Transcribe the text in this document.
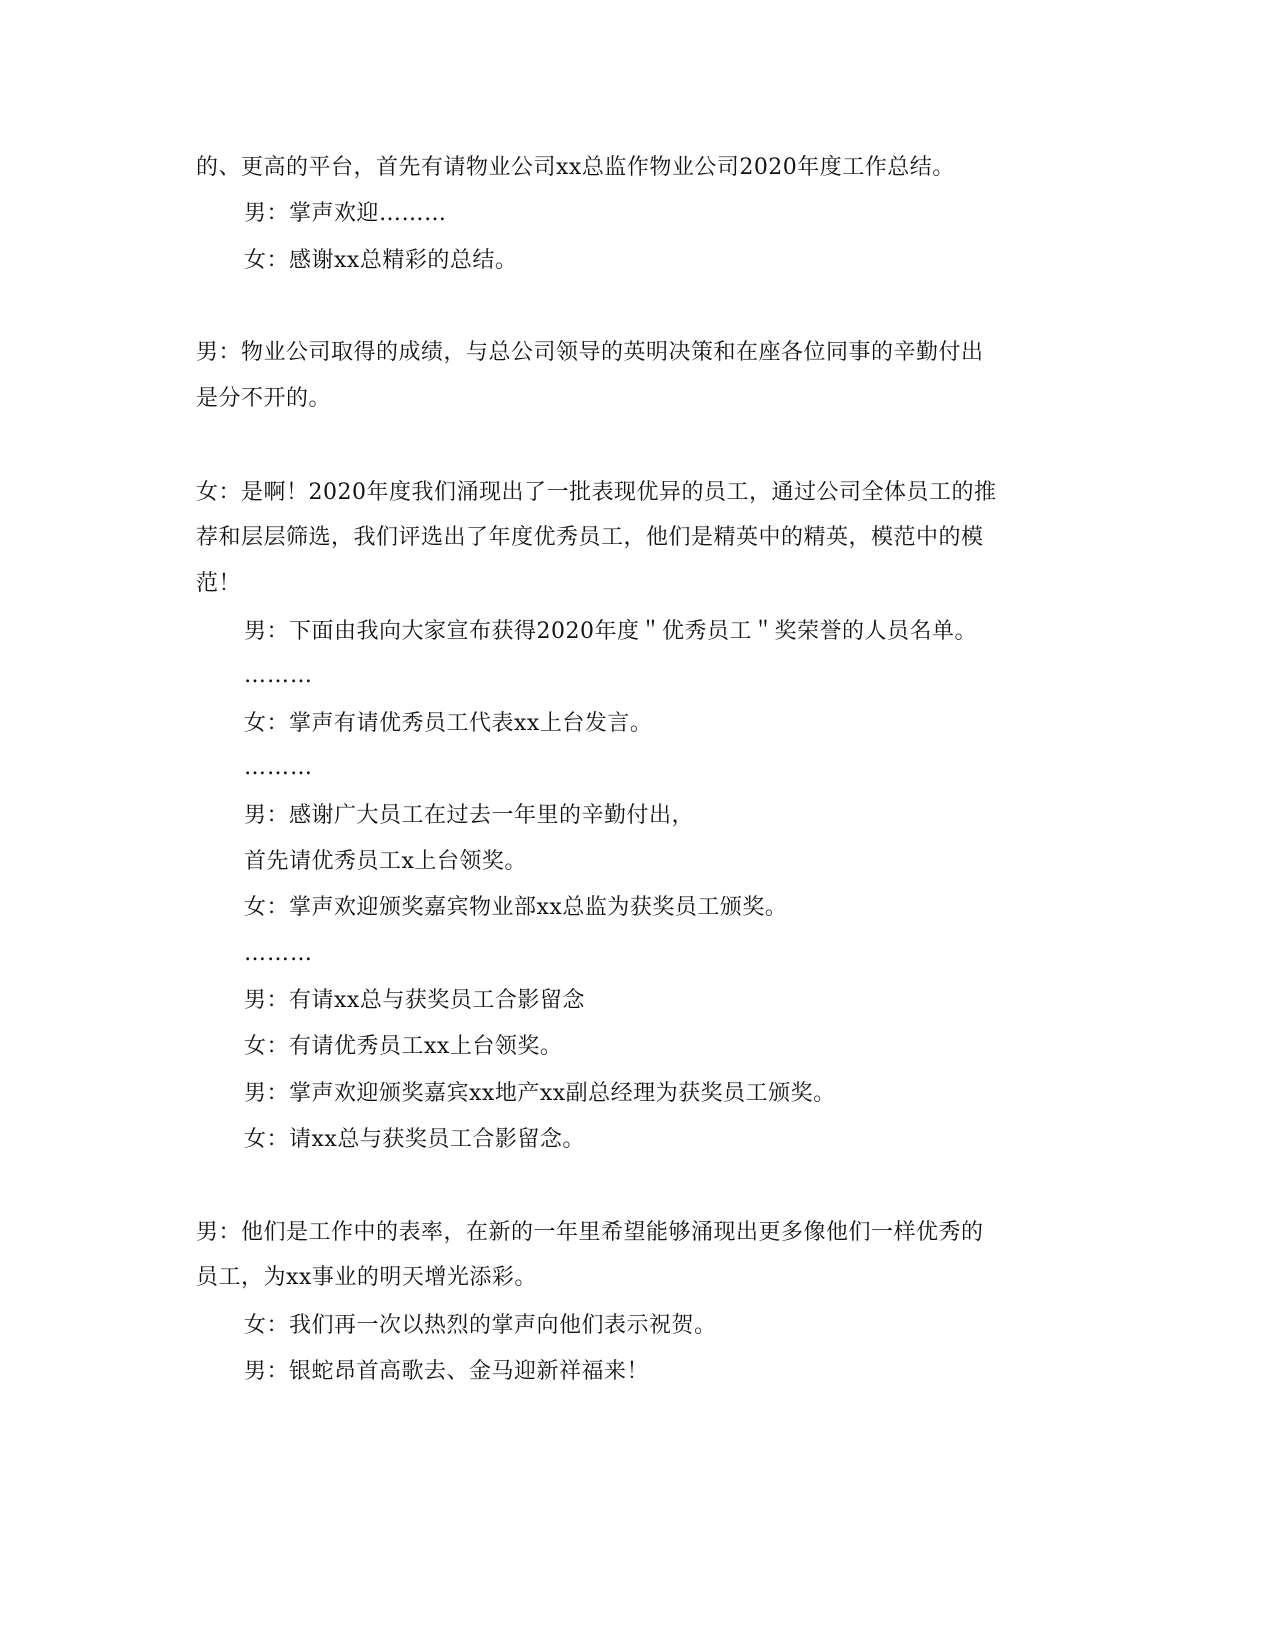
的、更高的平台，首先有请物业公司xx总监作物业公司2020年度工作总结。
男：掌声欢迎………
女：感谢xx总精彩的总结。
男：物业公司取得的成绩，与总公司领导的英明决策和在座各位同事的辛勤付出
是分不开的。
女：是啊！2020年度我们涌现出了一批表现优异的员工，通过公司全体员工的推
荐和层层筛选，我们评选出了年度优秀员工，他们是精英中的精英，模范中的模
范！
男：下面由我向大家宣布获得2020年度＂优秀员工＂奖荣誉的人员名单。
………
女：掌声有请优秀员工代表xx上台发言。
………
男：感谢广大员工在过去一年里的辛勤付出，
首先请优秀员工x上台领奖。
女：掌声欢迎颁奖嘉宾物业部xx总监为获奖员工颁奖。
………
男：有请xx总与获奖员工合影留念
女：有请优秀员工xx上台领奖。
男：掌声欢迎颁奖嘉宾xx地产xx副总经理为获奖员工颁奖。
女：请xx总与获奖员工合影留念。
男：他们是工作中的表率，在新的一年里希望能够涌现出更多像他们一样优秀的
员工，为xx事业的明天增光添彩。
女：我们再一次以热烈的掌声向他们表示祝贺。
男：银蛇昂首高歌去、金马迎新祥福来！
